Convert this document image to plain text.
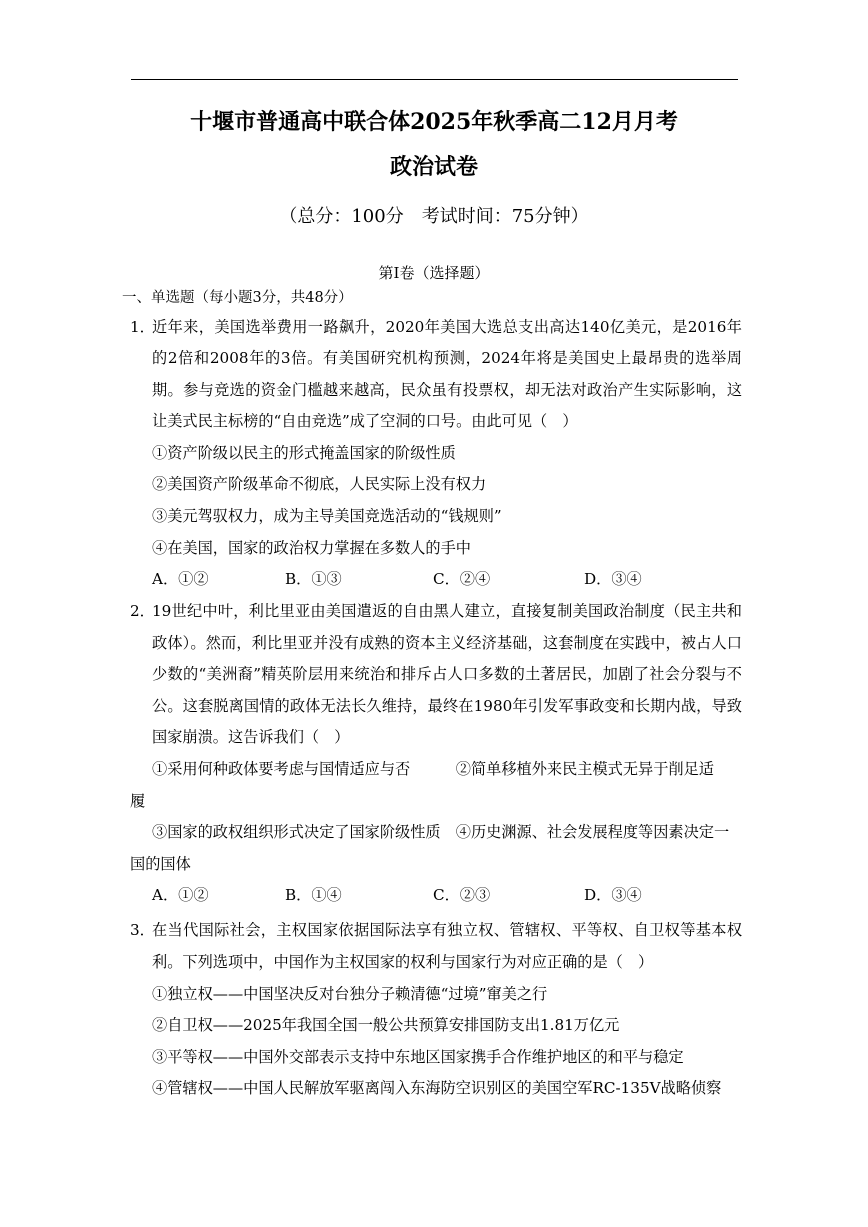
十堰市普通高中联合体2025年秋季高二12月月考
政治试卷
（总分：100分　考试时间：75分钟）
第Ⅰ卷（选择题）
一、单选题（每小题3分，共48分）
1．
近年来，美国选举费用一路飙升，2020年美国大选总支出高达140亿美元，是2016年
的2倍和2008年的3倍。有美国研究机构预测，2024年将是美国史上最昂贵的选举周
期。参与竞选的资金门槛越来越高，民众虽有投票权，却无法对政治产生实际影响，这
让美式民主标榜的“自由竞选”成了空洞的口号。由此可见（　）
①资产阶级以民主的形式掩盖国家的阶级性质
②美国资产阶级革命不彻底，人民实际上没有权力
③美元驾驭权力，成为主导美国竞选活动的“钱规则”
④在美国，国家的政治权力掌握在多数人的手中
A．①②	B．①③	C．②④	D．③④
2．
19世纪中叶，利比里亚由美国遣返的自由黑人建立，直接复制美国政治制度（民主共和
政体）。然而，利比里亚并没有成熟的资本主义经济基础，这套制度在实践中，被占人口
少数的“美洲裔”精英阶层用来统治和排斥占人口多数的土著居民，加剧了社会分裂与不
公。这套脱离国情的政体无法长久维持，最终在1980年引发军事政变和长期内战，导致
国家崩溃。这告诉我们（　）
①采用何种政体要考虑与国情适应与否　　　②简单移植外来民主模式无异于削足适
履
③国家的政权组织形式决定了国家阶级性质　④历史渊源、社会发展程度等因素决定一
国的国体
A．①②	B．①④	C．②③	D．③④
3．
在当代国际社会，主权国家依据国际法享有独立权、管辖权、平等权、自卫权等基本权
利。下列选项中，中国作为主权国家的权利与国家行为对应正确的是（　）
①独立权——中国坚决反对台独分子赖清德“过境”窜美之行
②自卫权——2025年我国全国一般公共预算安排国防支出1.81万亿元
③平等权——中国外交部表示支持中东地区国家携手合作维护地区的和平与稳定
④管辖权——中国人民解放军驱离闯入东海防空识别区的美国空军RC-135V战略侦察
